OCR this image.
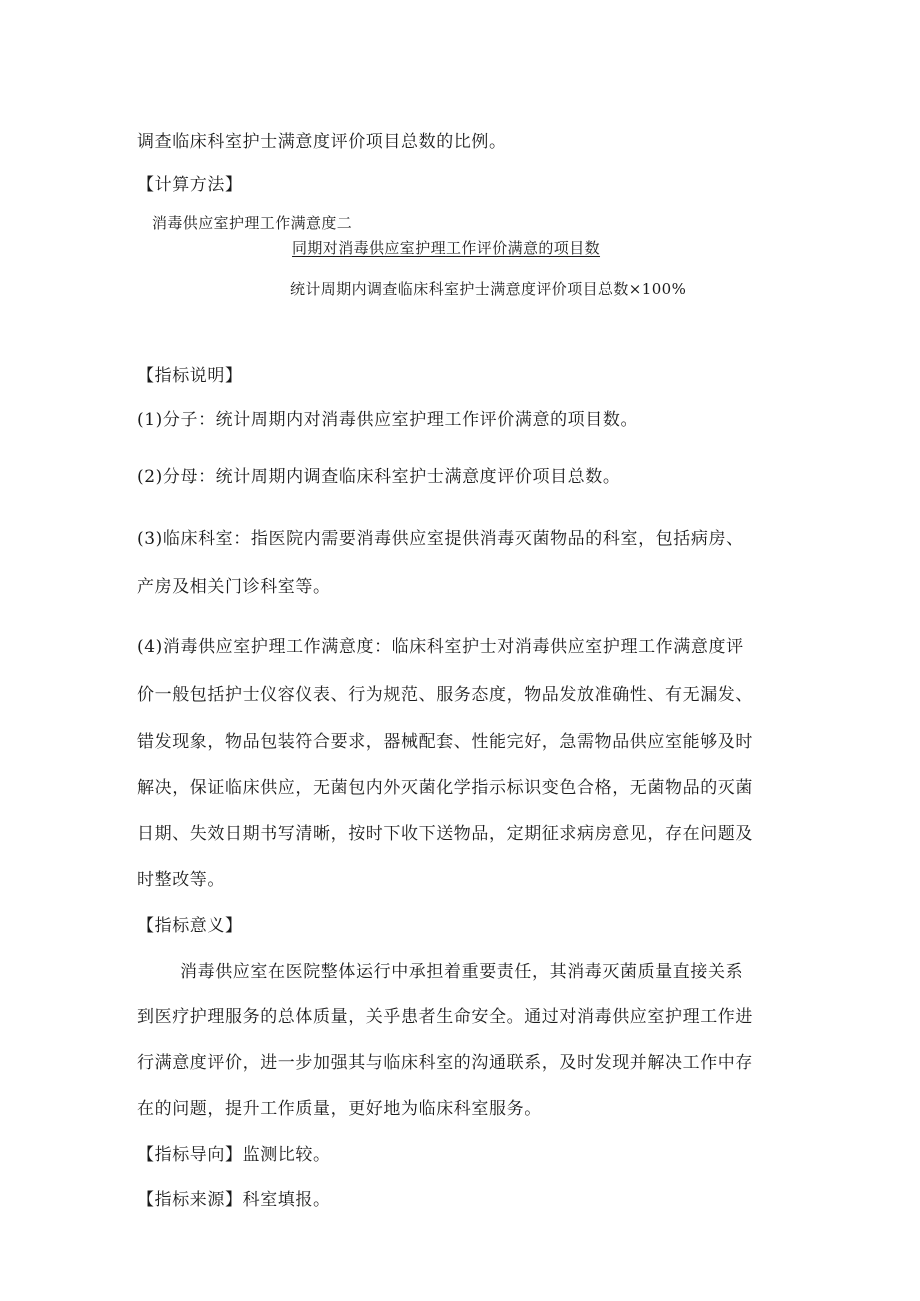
调查临床科室护士满意度评价项目总数的比例。
【计算方法】
消毒供应室护理工作满意度二
同期对消毒供应室护理工作评价满意的项目数
统计周期内调查临床科室护士满意度评价项目总数×100%
【指标说明】
(1)分子：统计周期内对消毒供应室护理工作评价满意的项目数。
(2)分母：统计周期内调查临床科室护士满意度评价项目总数。
(3)临床科室：指医院内需要消毒供应室提供消毒灭菌物品的科室，包括病房、
产房及相关门诊科室等。
(4)消毒供应室护理工作满意度：临床科室护士对消毒供应室护理工作满意度评
价一般包括护士仪容仪表、行为规范、服务态度，物品发放准确性、有无漏发、
错发现象，物品包装符合要求，器械配套、性能完好，急需物品供应室能够及时
解决，保证临床供应，无菌包内外灭菌化学指示标识变色合格，无菌物品的灭菌
日期、失效日期书写清晰，按时下收下送物品，定期征求病房意见，存在问题及
时整改等。
【指标意义】
消毒供应室在医院整体运行中承担着重要责任，其消毒灭菌质量直接关系
到医疗护理服务的总体质量，关乎患者生命安全。通过对消毒供应室护理工作进
行满意度评价，进一步加强其与临床科室的沟通联系，及时发现并解决工作中存
在的问题，提升工作质量，更好地为临床科室服务。
【指标导向】监测比较。
【指标来源】科室填报。
